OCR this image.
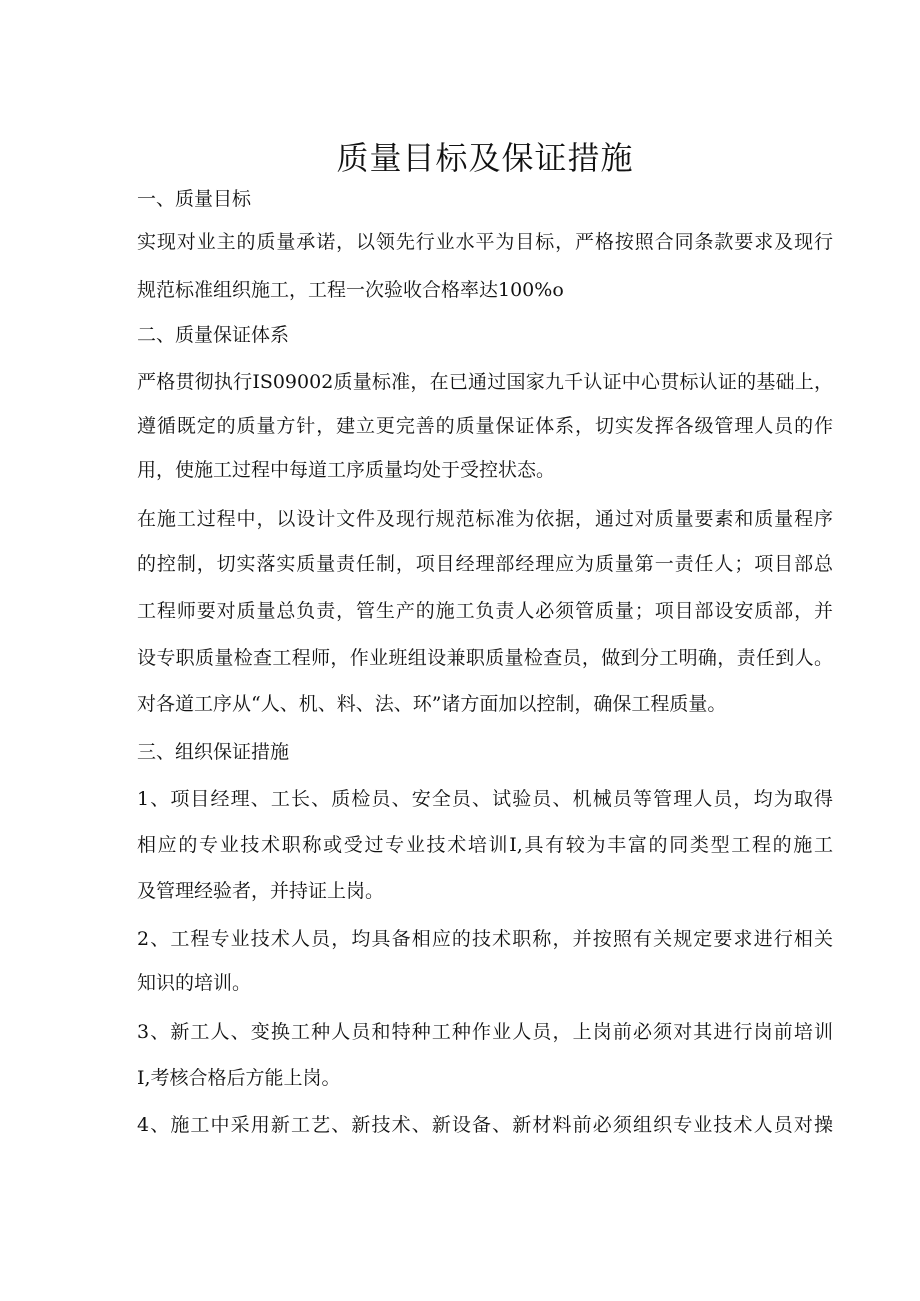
质量目标及保证措施
一、质量目标
实现对业主的质量承诺，以领先行业水平为目标，严格按照合同条款要求及现行
规范标准组织施工，工程一次验收合格率达100%o
二、质量保证体系
严格贯彻执行IS09002质量标准，在已通过国家九千认证中心贯标认证的基础上，
遵循既定的质量方针，建立更完善的质量保证体系，切实发挥各级管理人员的作
用，使施工过程中每道工序质量均处于受控状态。
在施工过程中，以设计文件及现行规范标准为依据，通过对质量要素和质量程序
的控制，切实落实质量责任制，项目经理部经理应为质量第一责任人；项目部总
工程师要对质量总负责，管生产的施工负责人必须管质量；项目部设安质部，并
设专职质量检查工程师，作业班组设兼职质量检查员，做到分工明确，责任到人。
对各道工序从“人、机、料、法、环”诸方面加以控制，确保工程质量。
三、组织保证措施
1、项目经理、工长、质检员、安全员、试验员、机械员等管理人员，均为取得
相应的专业技术职称或受过专业技术培训I,具有较为丰富的同类型工程的施工
及管理经验者，并持证上岗。
2、工程专业技术人员，均具备相应的技术职称，并按照有关规定要求进行相关
知识的培训。
3、新工人、变换工种人员和特种工种作业人员，上岗前必须对其进行岗前培训
I,考核合格后方能上岗。
4、施工中采用新工艺、新技术、新设备、新材料前必须组织专业技术人员对操
